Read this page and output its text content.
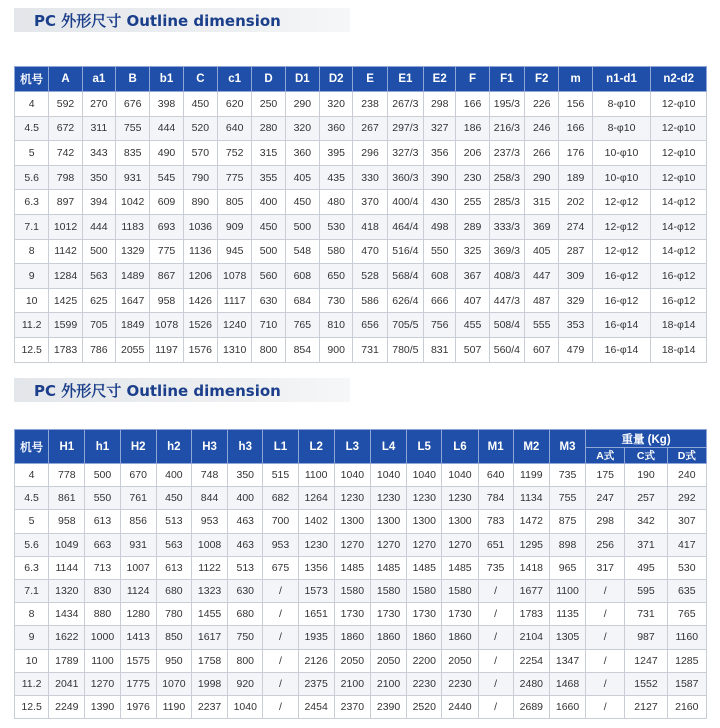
PC 外形尺寸 Outline dimension
机号	A	a1	B	b1	C	c1	D	D1	D2	E	E1	E2	F	F1	F2	m	n1-d1	n2-d2
4	592	270	676	398	450	620	250	290	320	238	267/3	298	166	195/3	226	156	8-φ10	12-φ10
4.5	672	311	755	444	520	640	280	320	360	267	297/3	327	186	216/3	246	166	8-φ10	12-φ10
5	742	343	835	490	570	752	315	360	395	296	327/3	356	206	237/3	266	176	10-φ10	12-φ10
5.6	798	350	931	545	790	775	355	405	435	330	360/3	390	230	258/3	290	189	10-φ10	12-φ10
6.3	897	394	1042	609	890	805	400	450	480	370	400/4	430	255	285/3	315	202	12-φ12	14-φ12
7.1	1012	444	1183	693	1036	909	450	500	530	418	464/4	498	289	333/3	369	274	12-φ12	14-φ12
8	1142	500	1329	775	1136	945	500	548	580	470	516/4	550	325	369/3	405	287	12-φ12	14-φ12
9	1284	563	1489	867	1206	1078	560	608	650	528	568/4	608	367	408/3	447	309	16-φ12	16-φ12
10	1425	625	1647	958	1426	1117	630	684	730	586	626/4	666	407	447/3	487	329	16-φ12	16-φ12
11.2	1599	705	1849	1078	1526	1240	710	765	810	656	705/5	756	455	508/4	555	353	16-φ14	18-φ14
12.5	1783	786	2055	1197	1576	1310	800	854	900	731	780/5	831	507	560/4	607	479	16-φ14	18-φ14
PC 外形尺寸 Outline dimension
机号	H1	h1	H2	h2	H3	h3	L1	L2	L3	L4	L5	L6	M1	M2	M3	重量 (Kg)		
																A式	C式	D式
4	778	500	670	400	748	350	515	1100	1040	1040	1040	1040	640	1199	735	175	190	240
4.5	861	550	761	450	844	400	682	1264	1230	1230	1230	1230	784	1134	755	247	257	292
5	958	613	856	513	953	463	700	1402	1300	1300	1300	1300	783	1472	875	298	342	307
5.6	1049	663	931	563	1008	463	953	1230	1270	1270	1270	1270	651	1295	898	256	371	417
6.3	1144	713	1007	613	1122	513	675	1356	1485	1485	1485	1485	735	1418	965	317	495	530
7.1	1320	830	1124	680	1323	630	/	1573	1580	1580	1580	1580	/	1677	1100	/	595	635
8	1434	880	1280	780	1455	680	/	1651	1730	1730	1730	1730	/	1783	1135	/	731	765
9	1622	1000	1413	850	1617	750	/	1935	1860	1860	1860	1860	/	2104	1305	/	987	1160
10	1789	1100	1575	950	1758	800	/	2126	2050	2050	2200	2050	/	2254	1347	/	1247	1285
11.2	2041	1270	1775	1070	1998	920	/	2375	2100	2100	2230	2230	/	2480	1468	/	1552	1587
12.5	2249	1390	1976	1190	2237	1040	/	2454	2370	2390	2520	2440	/	2689	1660	/	2127	2160
